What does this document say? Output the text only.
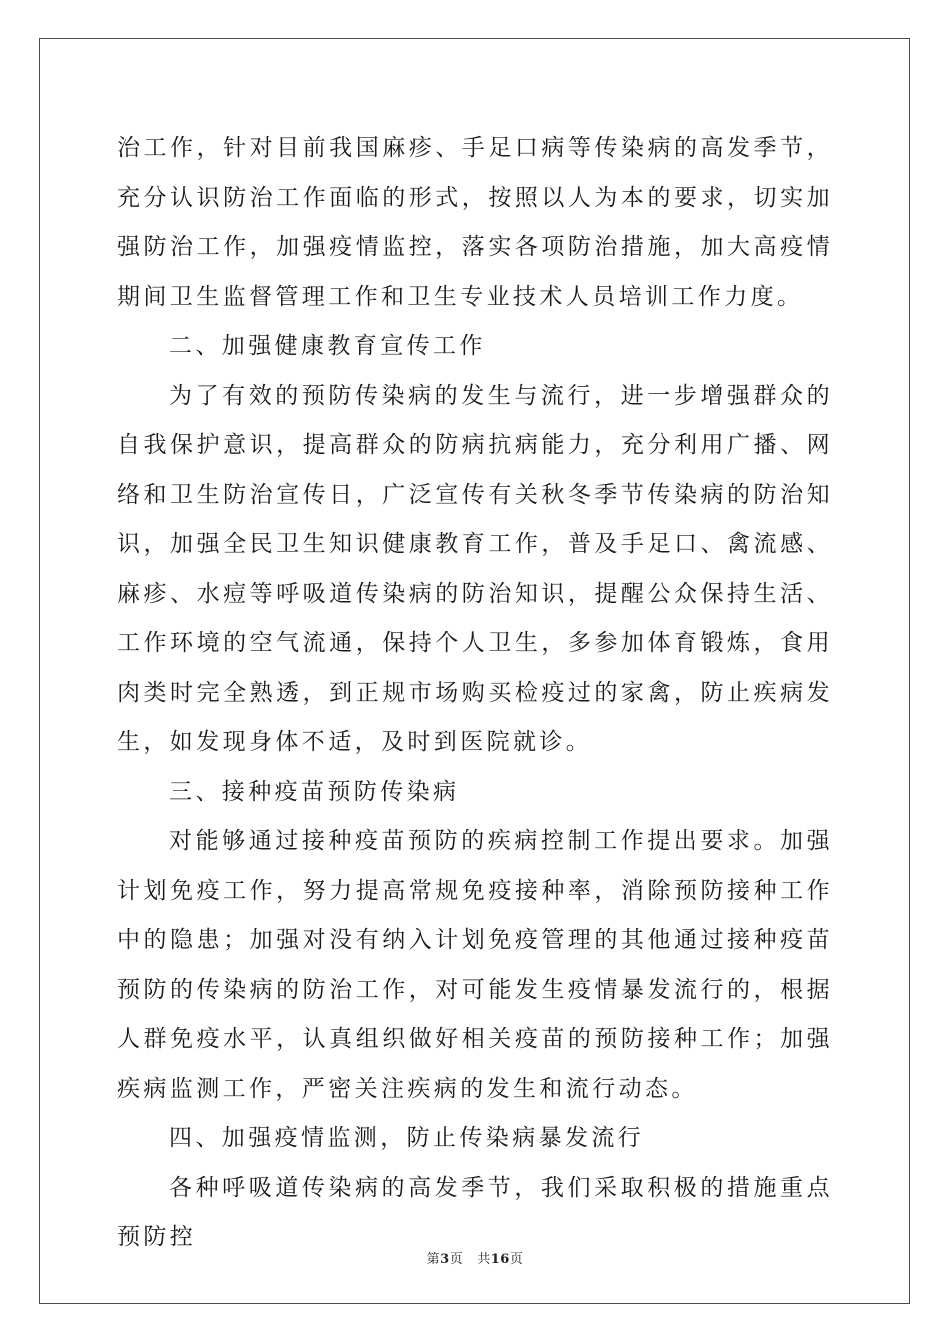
治工作，针对目前我国麻疹、手足口病等传染病的高发季节，充分认识防治工作面临的形式，按照以人为本的要求，切实加强防治工作，加强疫情监控，落实各项防治措施，加大高疫情期间卫生监督管理工作和卫生专业技术人员培训工作力度。

二、加强健康教育宣传工作

为了有效的预防传染病的发生与流行，进一步增强群众的自我保护意识，提高群众的防病抗病能力，充分利用广播、网络和卫生防治宣传日，广泛宣传有关秋冬季节传染病的防治知识，加强全民卫生知识健康教育工作，普及手足口、禽流感、麻疹、水痘等呼吸道传染病的防治知识，提醒公众保持生活、工作环境的空气流通，保持个人卫生，多参加体育锻炼，食用肉类时完全熟透，到正规市场购买检疫过的家禽，防止疾病发生，如发现身体不适，及时到医院就诊。

三、接种疫苗预防传染病

对能够通过接种疫苗预防的疾病控制工作提出要求。加强计划免疫工作，努力提高常规免疫接种率，消除预防接种工作中的隐患；加强对没有纳入计划免疫管理的其他通过接种疫苗预防的传染病的防治工作，对可能发生疫情暴发流行的，根据人群免疫水平，认真组织做好相关疫苗的预防接种工作；加强疾病监测工作，严密关注疾病的发生和流行动态。

四、加强疫情监测，防止传染病暴发流行

各种呼吸道传染病的高发季节，我们采取积极的措施重点预防控

第3页 共16页
